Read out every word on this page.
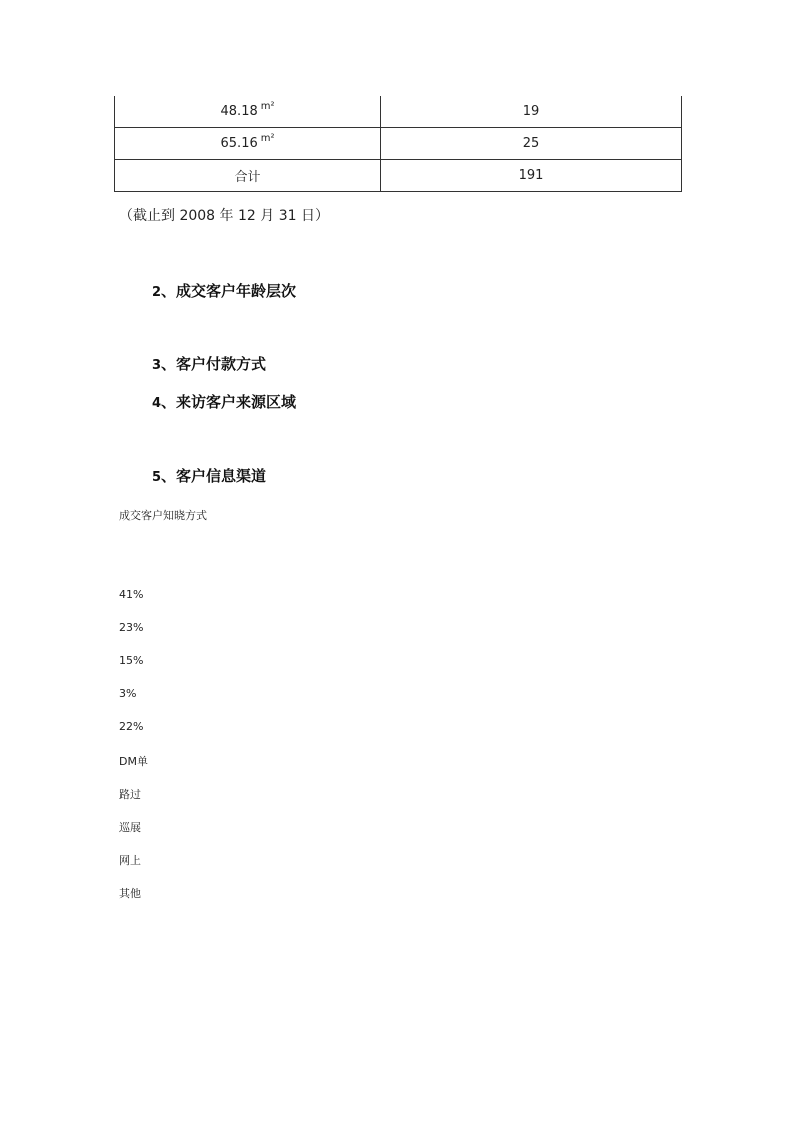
48.18 $^{m^2}$	19
65.16 $^{m^2}$	25
合计	191
（截止到 2008 年 12 月 31 日）
2、成交客户年龄层次
3、客户付款方式
4、来访客户来源区域
5、客户信息渠道
成交客户知晓方式
41%
23%
15%
3%
22%
DM单
路过
巡展
网上
其他
